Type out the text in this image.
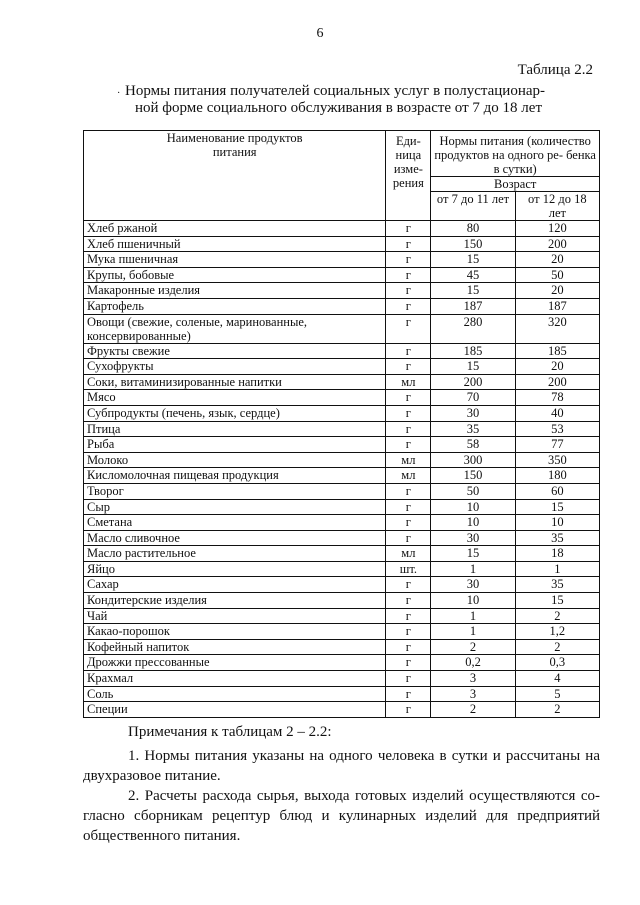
6
Таблица 2.2
· Нормы питания получателей социальных услуг в полустационар-
ной форме социального обслуживания в возрасте от 7 до 18 лет
Наименование продуктов питания	Еди- ница изме- рения	Нормы питания (количество продуктов на одного ре- бенка в сутки)	
		Возраст	
		от 7 до 11 лет	от 12 до 18 лет
Хлеб ржаной	г	80	120
Хлеб пшеничный	г	150	200
Мука пшеничная	г	15	20
Крупы, бобовые	г	45	50
Макаронные изделия	г	15	20
Картофель	г	187	187
Овощи (свежие, соленые, маринованные, консервированные)	г	280	320
Фрукты свежие	г	185	185
Сухофрукты	г	15	20
Соки, витаминизированные напитки	мл	200	200
Мясо	г	70	78
Субпродукты (печень, язык, сердце)	г	30	40
Птица	г	35	53
Рыба	г	58	77
Молоко	мл	300	350
Кисломолочная пищевая продукция	мл	150	180
Творог	г	50	60
Сыр	г	10	15
Сметана	г	10	10
Масло сливочное	г	30	35
Масло растительное	мл	15	18
Яйцо	шт.	1	1
Сахар	г	30	35
Кондитерские изделия	г	10	15
Чай	г	1	2
Какао-порошок	г	1	1,2
Кофейный напиток	г	2	2
Дрожжи прессованные	г	0,2	0,3
Крахмал	г	3	4
Соль	г	3	5
Специи	г	2	2
Примечания к таблицам 2 – 2.2:

1. Нормы питания указаны на одного человека в сутки и рассчитаны на двухразовое питание.

2. Расчеты расхода сырья, выхода готовых изделий осуществляются со- гласно сборникам рецептур блюд и кулинарных изделий для предприятий общественного питания.
